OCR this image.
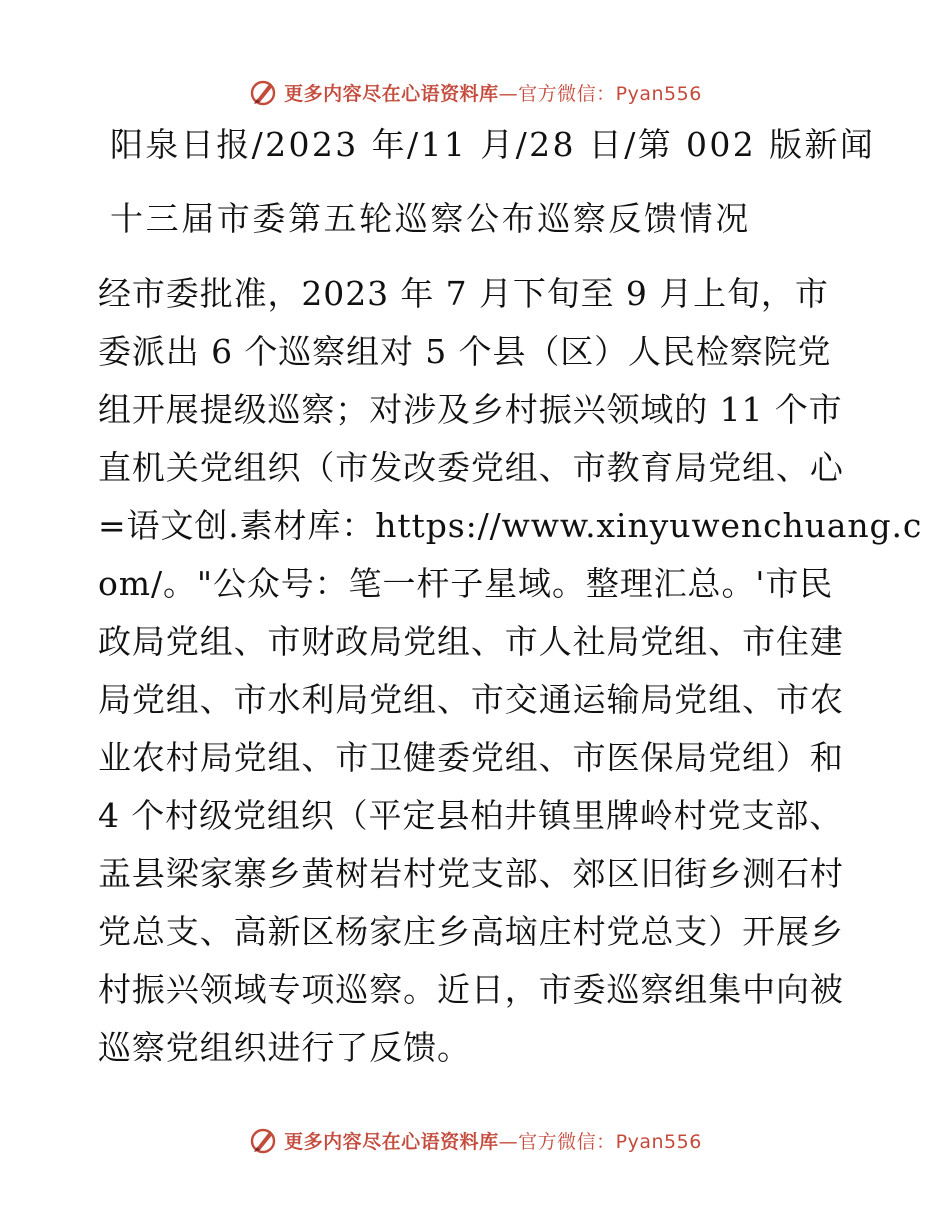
更多内容尽在心语资料库—官方微信：Pyan556
阳泉日报/2023 年/11 月/28 日/第 002 版新闻
十三届市委第五轮巡察公布巡察反馈情况
经市委批准，2023 年 7 月下旬至 9 月上旬，市
委派出 6 个巡察组对 5 个县（区）人民检察院党
组开展提级巡察；对涉及乡村振兴领域的 11 个市
直机关党组织（市发改委党组、市教育局党组、心
=语文创.素材库：https://www.xinyuwenchuang.c
om/。"公众号：笔一杆子星域。整理汇总。'市民
政局党组、市财政局党组、市人社局党组、市住建
局党组、市水利局党组、市交通运输局党组、市农
业农村局党组、市卫健委党组、市医保局党组）和
4 个村级党组织（平定县柏井镇里牌岭村党支部、
盂县梁家寨乡黄树岩村党支部、郊区旧街乡测石村
党总支、高新区杨家庄乡高垴庄村党总支）开展乡
村振兴领域专项巡察。近日，市委巡察组集中向被
巡察党组织进行了反馈。
更多内容尽在心语资料库—官方微信：Pyan556
